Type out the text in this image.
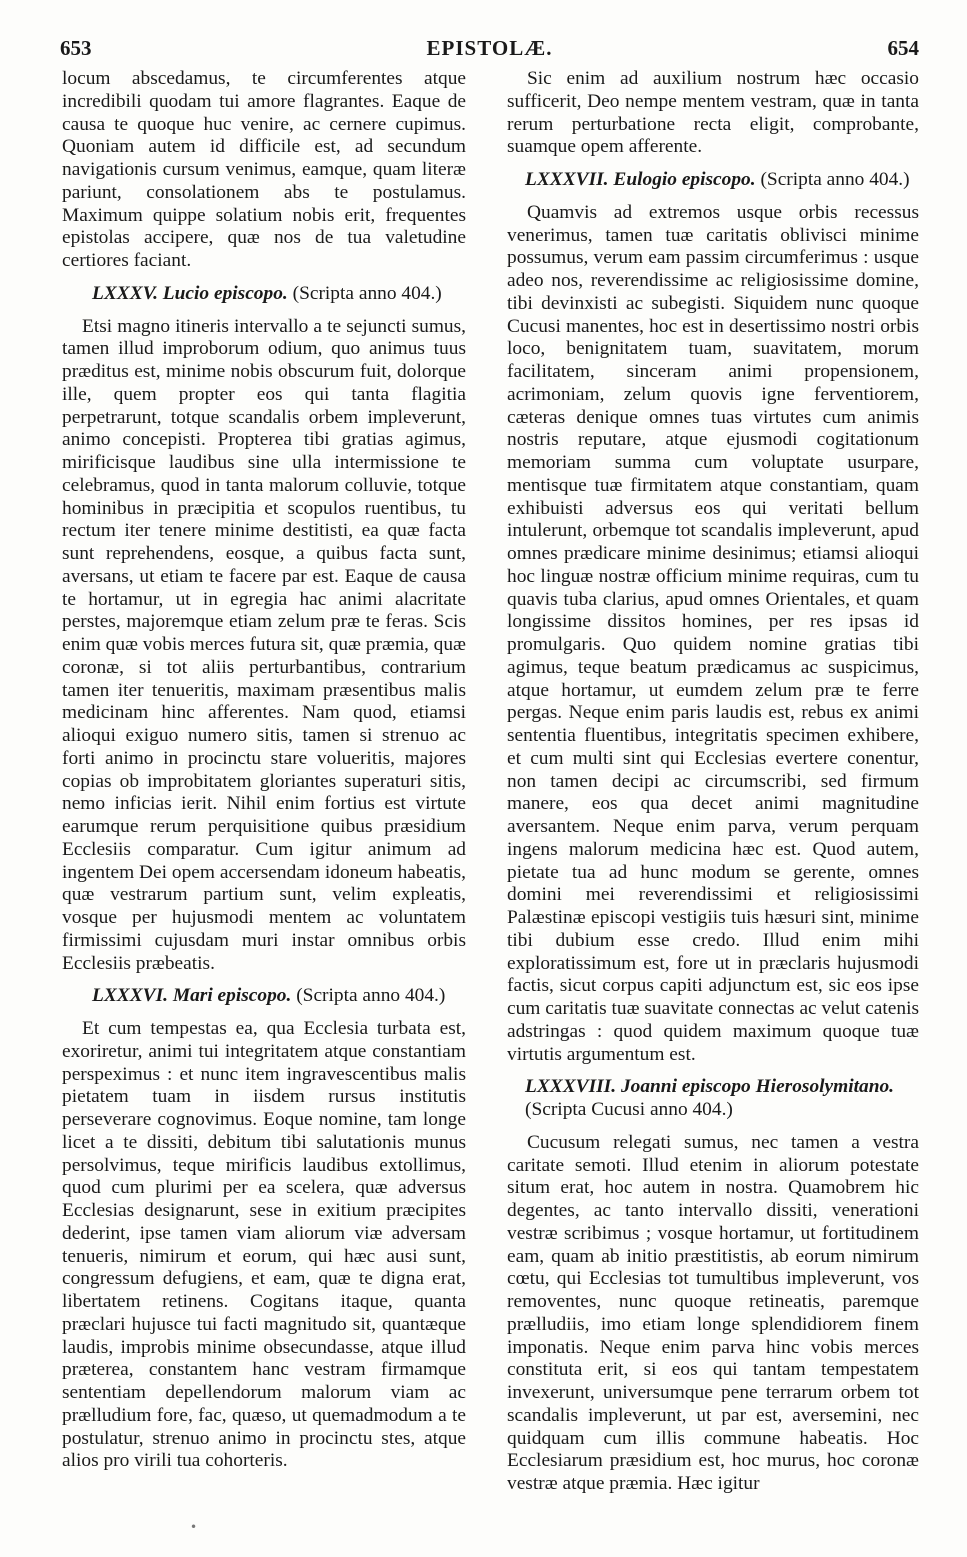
653	EPISTOLÆ.	654

locum abscedamus, te circumferentes atque incredibili quodam tui amore flagrantes. Eaque de causa te quoque huc venire, ac cernere cupimus. Quoniam autem id difficile est, ad secundum navigationis cursum venimus, eamque, quam literæ pariunt, consolationem abs te postulamus. Maximum quippe solatium nobis erit, frequentes epistolas accipere, quæ nos de tua valetudine certiores faciant.

LXXXV. Lucio episcopo. (Scripta anno 404.)

Etsi magno itineris intervallo a te sejuncti sumus, tamen illud improborum odium, quo animus tuus præditus est, minime nobis obscurum fuit, dolorque ille, quem propter eos qui tanta flagitia perpetrarunt, totque scandalis orbem impleverunt, animo concepisti. Propterea tibi gratias agimus, mirificisque laudibus sine ulla intermissione te celebramus, quod in tanta malorum colluvie, totque hominibus in præcipitia et scopulos ruentibus, tu rectum iter tenere minime destitisti, ea quæ facta sunt reprehendens, eosque, a quibus facta sunt, aversans, ut etiam te facere par est. Eaque de causa te hortamur, ut in egregia hac animi alacritate perstes, majoremque etiam zelum præ te feras. Scis enim quæ vobis merces futura sit, quæ præmia, quæ coronæ, si tot aliis perturbantibus, contrarium tamen iter tenueritis, maximam præsentibus malis medicinam hinc afferentes. Nam quod, etiamsi alioqui exiguo numero sitis, tamen si strenuo ac forti animo in procinctu stare volueritis, majores copias ob improbitatem gloriantes superaturi sitis, nemo inficias ierit. Nihil enim fortius est virtute earumque rerum perquisitione quibus præsidium Ecclesiis comparatur. Cum igitur animum ad ingentem Dei opem accersendam idoneum habeatis, quæ vestrarum partium sunt, velim expleatis, vosque per hujusmodi mentem ac voluntatem firmissimi cujusdam muri instar omnibus orbis Ecclesiis præbeatis.

LXXXVI. Mari episcopo. (Scripta anno 404.)

Et cum tempestas ea, qua Ecclesia turbata est, exoriretur, animi tui integritatem atque constantiam perspeximus : et nunc item ingravescentibus malis pietatem tuam in iisdem rursus institutis perseverare cognovimus. Eoque nomine, tam longe licet a te dissiti, debitum tibi salutationis munus persolvimus, teque mirificis laudibus extollimus, quod cum plurimi per ea scelera, quæ adversus Ecclesias designarunt, sese in exitium præcipites dederint, ipse tamen viam aliorum viæ adversam tenueris, nimirum et eorum, qui hæc ausi sunt, congressum defugiens, et eam, quæ te digna erat, libertatem retinens. Cogitans itaque, quanta præclari hujusce tui facti magnitudo sit, quantæque laudis, improbis minime obsecundasse, atque illud præterea, constantem hanc vestram firmamque sententiam depellendorum malorum viam ac prælludium fore, fac, quæso, ut quemadmodum a te postulatur, strenuo animo in procinctu stes, atque alios pro virili tua cohorteris.

Sic enim ad auxilium nostrum hæc occasio sufficerit, Deo nempe mentem vestram, quæ in tanta rerum perturbatione recta eligit, comprobante, suamque opem afferente.

LXXXVII. Eulogio episcopo. (Scripta anno 404.)

Quamvis ad extremos usque orbis recessus venerimus, tamen tuæ caritatis oblivisci minime possumus, verum eam passim circumferimus : usque adeo nos, reverendissime ac religiosissime domine, tibi devinxisti ac subegisti. Siquidem nunc quoque Cucusi manentes, hoc est in desertissimo nostri orbis loco, benignitatem tuam, suavitatem, morum facilitatem, sinceram animi propensionem, acrimoniam, zelum quovis igne ferventiorem, cæteras denique omnes tuas virtutes cum animis nostris reputare, atque ejusmodi cogitationum memoriam summa cum voluptate usurpare, mentisque tuæ firmitatem atque constantiam, quam exhibuisti adversus eos qui veritati bellum intulerunt, orbemque tot scandalis impleverunt, apud omnes prædicare minime desinimus; etiamsi alioqui hoc linguæ nostræ officium minime requiras, cum tu quavis tuba clarius, apud omnes Orientales, et quam longissime dissitos homines, per res ipsas id promulgaris. Quo quidem nomine gratias tibi agimus, teque beatum prædicamus ac suspicimus, atque hortamur, ut eumdem zelum præ te ferre pergas. Neque enim paris laudis est, rebus ex animi sententia fluentibus, integritatis specimen exhibere, et cum multi sint qui Ecclesias evertere conentur, non tamen decipi ac circumscribi, sed firmum manere, eos qua decet animi magnitudine aversantem. Neque enim parva, verum perquam ingens malorum medicina hæc est. Quod autem, pietate tua ad hunc modum se gerente, omnes domini mei reverendissimi et religiosissimi Palæstinæ episcopi vestigiis tuis hæsuri sint, minime tibi dubium esse credo. Illud enim mihi exploratissimum est, fore ut in præclaris hujusmodi factis, sicut corpus capiti adjunctum est, sic eos ipse cum caritatis tuæ suavitate connectas ac velut catenis adstringas : quod quidem maximum quoque tuæ virtutis argumentum est.

LXXXVIII. Joanni episcopo Hierosolymitano. (Scripta Cucusi anno 404.)

Cucusum relegati sumus, nec tamen a vestra caritate semoti. Illud etenim in aliorum potestate situm erat, hoc autem in nostra. Quamobrem hic degentes, ac tanto intervallo dissiti, venerationi vestræ scribimus ; vosque hortamur, ut fortitudinem eam, quam ab initio præstitistis, ab eorum nimirum cœtu, qui Ecclesias tot tumultibus impleverunt, vos removentes, nunc quoque retineatis, paremque prælludiis, imo etiam longe splendidiorem finem imponatis. Neque enim parva hinc vobis merces constituta erit, si eos qui tantam tempestatem invexerunt, universumque pene terrarum orbem tot scandalis impleverunt, ut par est, aversemini, nec quidquam cum illis commune habeatis. Hoc Ecclesiarum præsidium est, hoc murus, hoc coronæ vestræ atque præmia. Hæc igitur

•
